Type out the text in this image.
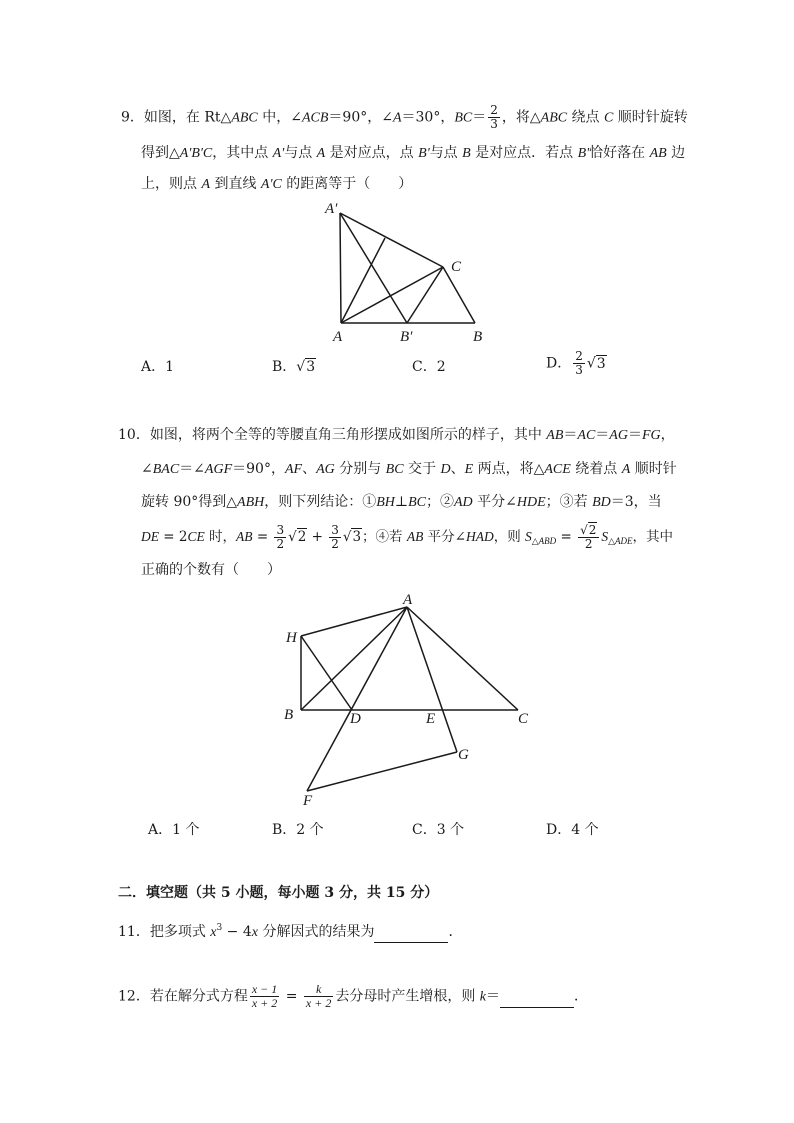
9．如图，在 Rt△ABC 中，∠ACB＝90°，∠A＝30°，$BC= \frac{2}{3}$ ，将△ABC 绕点 C 顺时针旋转
得到△A'B'C，其中点 A'与点 A 是对应点，点 B'与点 B 是对应点．若点 B'恰好落在 AB 边
上，则点 A 到直线 A'C 的距离等于（　　）
A′
C
A	B′	B
A．1	B．√3	C．2	D． $\frac{2}{3} √3$
10．如图，将两个全等的等腰直角三角形摆成如图所示的样子，其中 AB＝AC＝AG＝FG，
∠BAC＝∠AGF＝90°，AF、AG 分别与 BC 交于 D、E 两点，将△ACE 绕着点 A 顺时针
旋转 90°得到△ABH，则下列结论：①BH⊥BC；②AD 平分∠HDE；③若 BD＝3，当
DE = 2CE 时，AB = $\frac{3}{2} √2 + \frac{3}{2} √3$；④若 AB 平分∠HAD，则 $S_{\triangle ABD} = \frac{√2}{2} S_{\triangle ADE}$，其中
正确的个数有（　　）
A
H
B	D	E	C
G
F
A．1 个	B．2 个	C．3 个	D．4 个
二．填空题（共 5 小题，每小题 3 分，共 15 分）
11．把多项式 $x^3 - 4x$ 分解因式的结果为	．
12．若在解分式方程 $\frac{x - 1}{x + 2} = \frac{k}{x + 2}$ 去分母时产生增根，则 k＝	．
